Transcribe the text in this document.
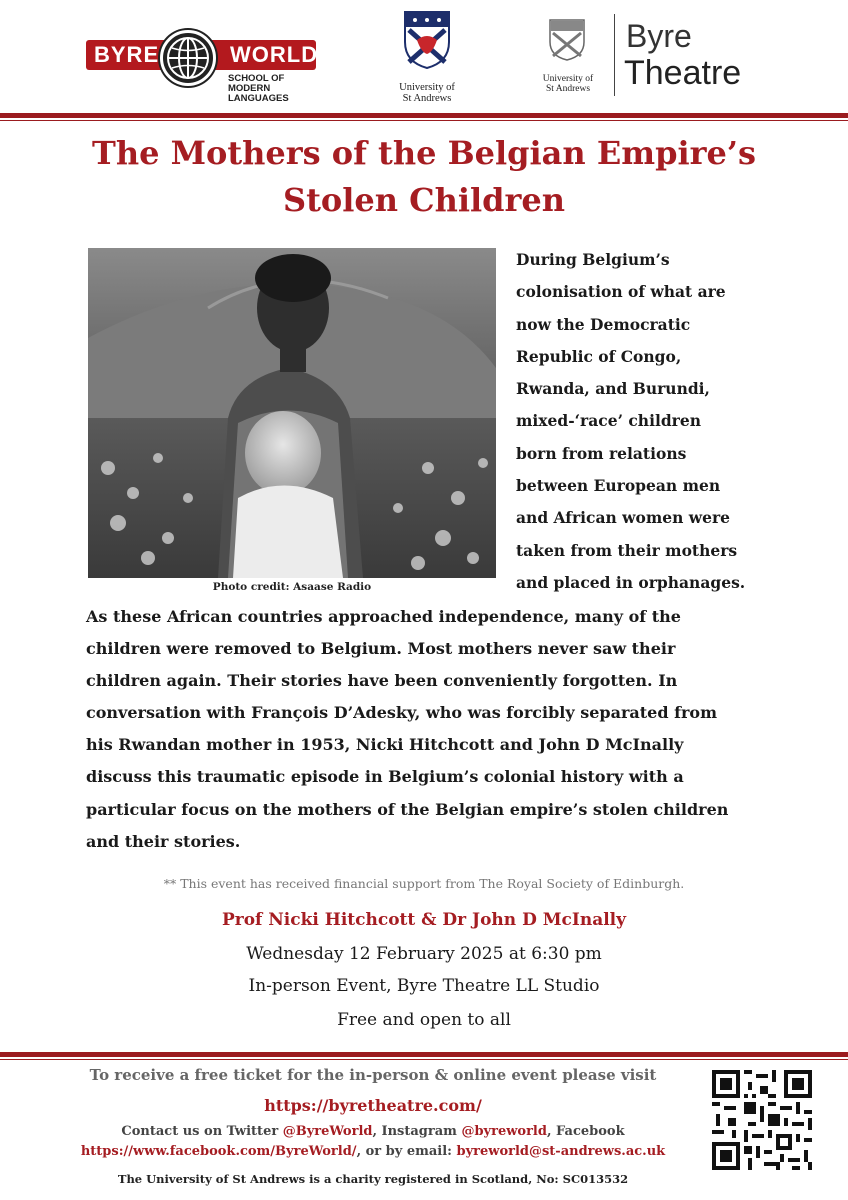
BYRE	WORLD
SCHOOL OF
MODERN LANGUAGES
University of
St Andrews
University of
St Andrews
Byre
Theatre
The Mothers of the Belgian Empire’s
Stolen Children
Photo credit: Asaase Radio
During Belgium’s
colonisation of what are
now the Democratic
Republic of Congo,
Rwanda, and Burundi,
mixed-‘race’ children
born from relations
between European men
and African women were
taken from their mothers
and placed in orphanages.
As these African countries approached independence, many of the
children were removed to Belgium. Most mothers never saw their
children again. Their stories have been conveniently forgotten. In
conversation with François D’Adesky, who was forcibly separated from
his Rwandan mother in 1953, Nicki Hitchcott and John D McInally
discuss this traumatic episode in Belgium’s colonial history with a
particular focus on the mothers of the Belgian empire’s stolen children
and their stories.
** This event has received financial support from The Royal Society of Edinburgh.
Prof Nicki Hitchcott & Dr John D McInally
Wednesday 12 February 2025 at 6:30 pm
In-person Event, Byre Theatre LL Studio
Free and open to all
To receive a free ticket for the in-person & online event please visit
https://byretheatre.com/
Contact us on Twitter @ByreWorld, Instagram @byreworld, Facebook
https://www.facebook.com/ByreWorld/, or by email: byreworld@st-andrews.ac.uk
The University of St Andrews is a charity registered in Scotland, No: SC013532
